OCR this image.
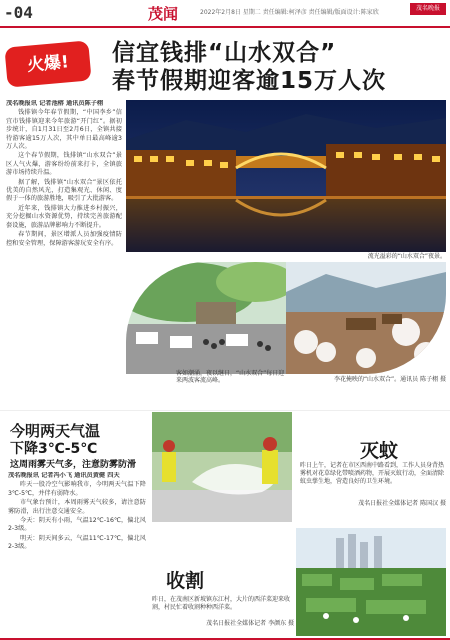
-04	茂闻	2022年2月8日 星期二 责任编辑:柯泽彦 责任编辑/版面设计:陈家欣
茂名晚报
火爆!	信宜钱排“山水双合”
春节假期迎客逾15万人次

茂名晚报讯 记者池榕 通讯员陈子栩

钱排镇今年春节假期，“中国李乡”信宜市钱排镇迎来今年旅游“开门红”。据初步统计，自1月31日至2月6日，全镇共接待游客逾15万人次，其中单日最高峰逾3万人次。

这个春节假期，钱排镇“山水双合”景区人气火爆，游客纷纷前来打卡，全镇旅游市场持续升温。

据了解，钱排镇“山水双合”景区依托优美的自然风光，打造集观光、休闲、度假于一体的旅游胜地，吸引了大批游客。

近年来，钱排镇大力推进乡村振兴，充分挖掘山水资源优势，持续完善旅游配套设施，旅游品牌影响力不断提升。

春节期间，景区增派人员加强疫情防控和安全管理，保障游客游玩安全有序。

流光溢彩的“山水双合”夜景。
客如潮涌，夜以继日，“山水双合”每日迎来两波客流高峰。	李花掩映的“山水双合”。通讯员 陈子栩 摄
今明两天气温
下降3℃-5℃
这周雨雾天气多，注意防雾防滑

茂名晚报讯 记者冯小飞 通讯员黄健 四天

昨天一股冷空气影响我市，今明两天气温下降3℃-5℃，并伴有弱降水。

市气象台预计，本周雨雾天气较多，请注意防雾防滑，出行注意交通安全。

今天：阴天有小雨，气温12℃-16℃，偏北风2-3级。

明天：阴天间多云，气温11℃-17℃，偏北风2-3级。

灭蚊
昨日上午，记者在市区西南中路看到，工作人员身背热雾机对花草绿化带喷洒药物，开展灭蚊行动，全面清除蚊虫孳生地，营造良好的卫生环境。
茂名日报社全媒体记者 陈国汉 摄
收割
昨日，在茂南区新坡镇东江村，大片的西洋菜迎来收割，村民忙着收割种种西洋菜。
茂名日报社全媒体记者 李颜东 摄
